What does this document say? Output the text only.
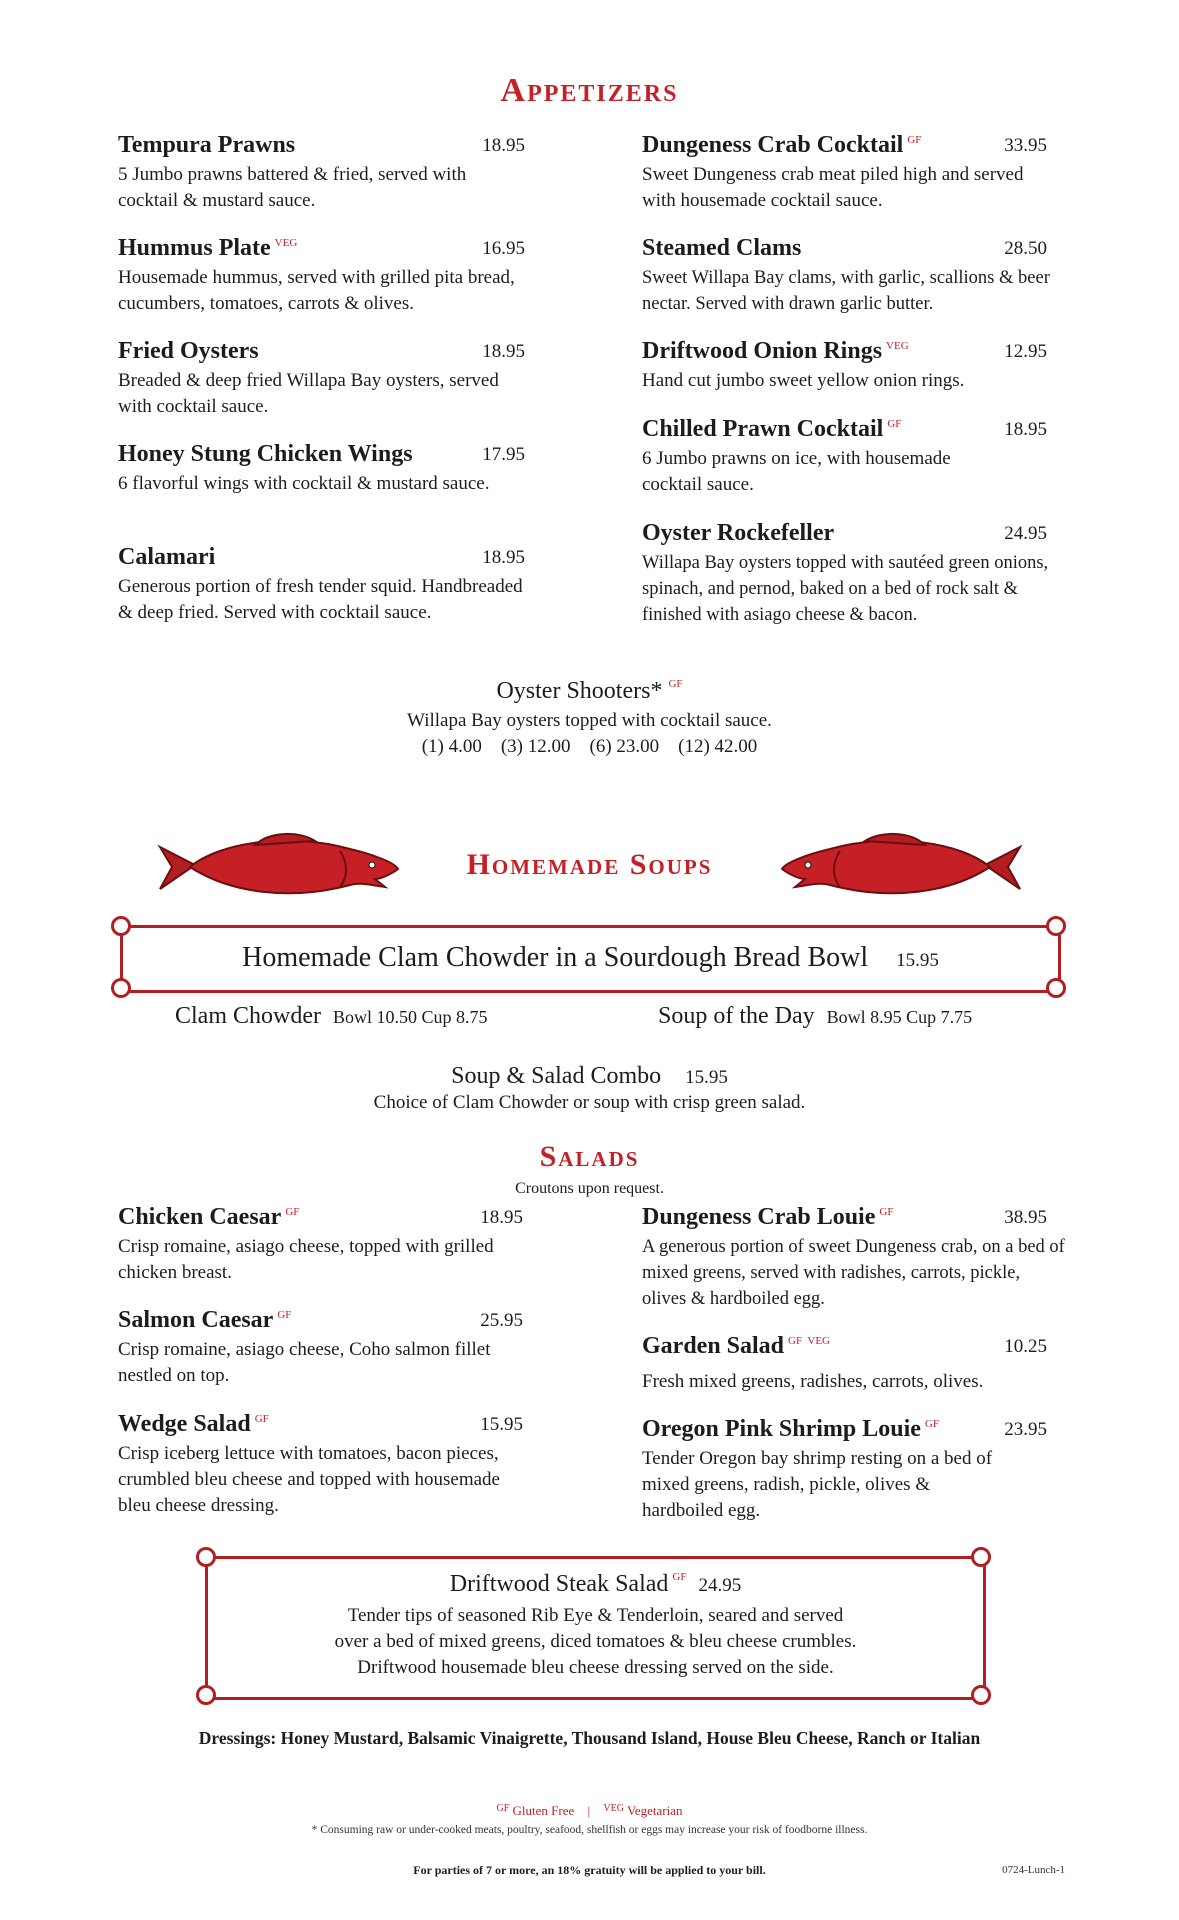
Appetizers
Tempura Prawns	18.95
5 Jumbo prawns battered & fried, served with cocktail & mustard sauce.
Hummus Plate $^{VEG}$	16.95
Housemade hummus, served with grilled pita bread, cucumbers, tomatoes, carrots & olives.
Fried Oysters	18.95
Breaded & deep fried Willapa Bay oysters, served with cocktail sauce.
Honey Stung Chicken Wings	17.95
6 flavorful wings with cocktail & mustard sauce.
Calamari	18.95
Generous portion of fresh tender squid. Handbreaded & deep fried. Served with cocktail sauce.
Dungeness Crab Cocktail $^{GF}$	33.95
Sweet Dungeness crab meat piled high and served with housemade cocktail sauce.
Steamed Clams	28.50
Sweet Willapa Bay clams, with garlic, scallions & beer nectar. Served with drawn garlic butter.
Driftwood Onion Rings $^{VEG}$	12.95
Hand cut jumbo sweet yellow onion rings.
Chilled Prawn Cocktail $^{GF}$	18.95
6 Jumbo prawns on ice, with housemade cocktail sauce.
Oyster Rockefeller	24.95
Willapa Bay oysters topped with sautéed green onions, spinach, and pernod, baked on a bed of rock salt & finished with asiago cheese & bacon.
Oyster Shooters* $^{GF}$
Willapa Bay oysters topped with cocktail sauce.
(1) 4.00    (3) 12.00    (6) 23.00    (12) 42.00
Homemade Soups
Homemade Clam Chowder in a Sourdough Bread Bowl 15.95
Clam Chowder Bowl 10.50 Cup 8.75	Soup of the Day Bowl 8.95 Cup 7.75
Soup & Salad Combo 15.95
Choice of Clam Chowder or soup with crisp green salad.
Salads
Croutons upon request.
Chicken Caesar $^{GF}$	18.95
Crisp romaine, asiago cheese, topped with grilled chicken breast.
Salmon Caesar $^{GF}$	25.95
Crisp romaine, asiago cheese, Coho salmon fillet nestled on top.
Wedge Salad $^{GF}$	15.95
Crisp iceberg lettuce with tomatoes, bacon pieces, crumbled bleu cheese and topped with housemade bleu cheese dressing.
Dungeness Crab Louie $^{GF}$	38.95
A generous portion of sweet Dungeness crab, on a bed of mixed greens, served with radishes, carrots, pickle, olives & hardboiled egg.
Garden Salad $^{GF VEG}$	10.25
Fresh mixed greens, radishes, carrots, olives.
Oregon Pink Shrimp Louie $^{GF}$	23.95
Tender Oregon bay shrimp resting on a bed of mixed greens, radish, pickle, olives & hardboiled egg.
Driftwood Steak Salad $^{GF}$ 24.95
Tender tips of seasoned Rib Eye & Tenderloin, seared and served
over a bed of mixed greens, diced tomatoes & bleu cheese crumbles.
Driftwood housemade bleu cheese dressing served on the side.
Dressings: Honey Mustard, Balsamic Vinaigrette, Thousand Island, House Bleu Cheese, Ranch or Italian
$^{GF}$ Gluten Free | $^{VEG}$ Vegetarian
* Consuming raw or under-cooked meats, poultry, seafood, shellfish or eggs may increase your risk of foodborne illness.
For parties of 7 or more, an 18% gratuity will be applied to your bill.	0724-Lunch-1
